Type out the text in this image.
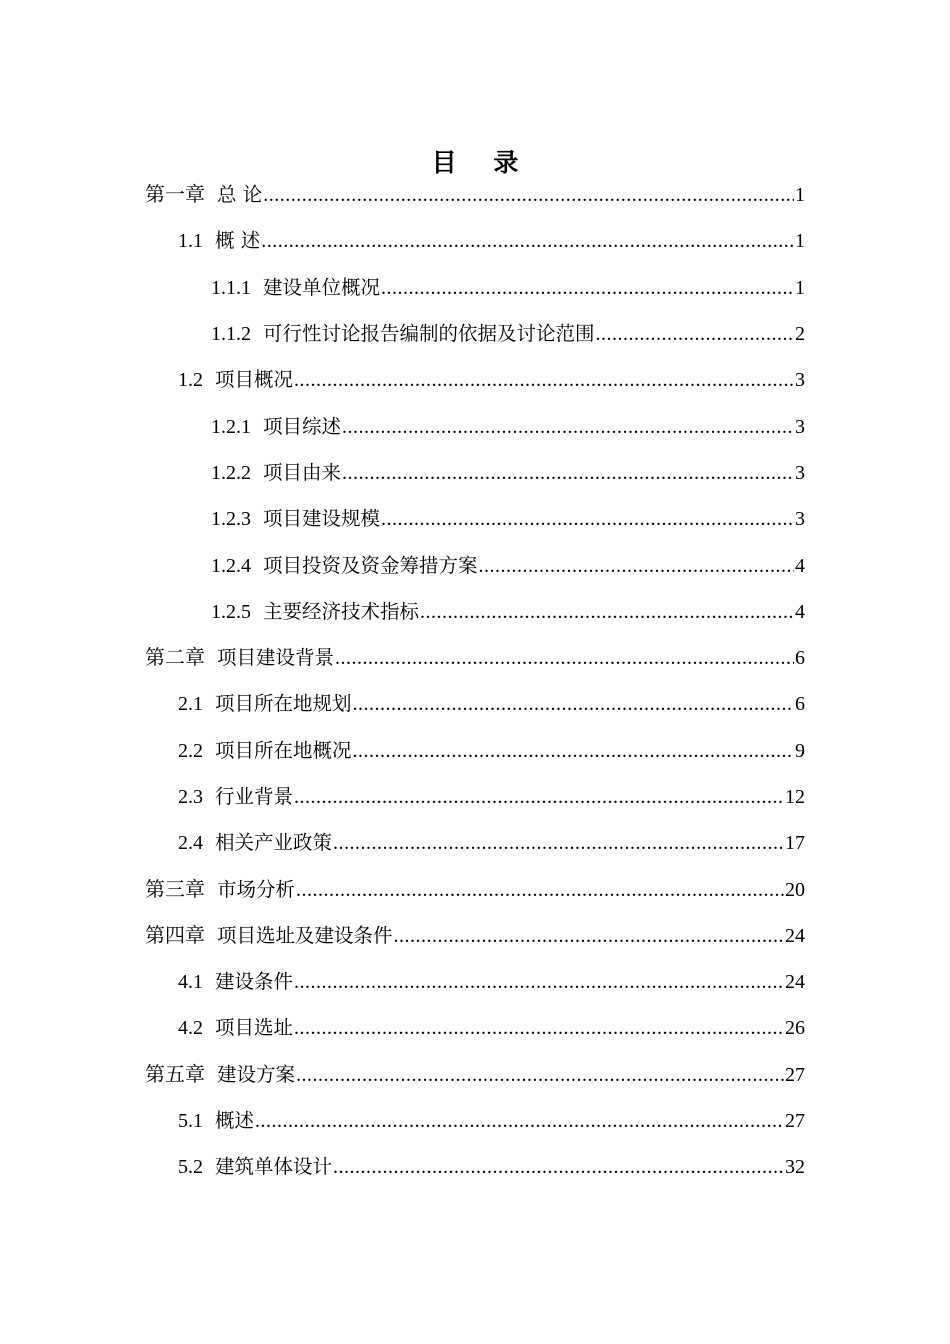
目 录
第一章 总 论 .....	1
1.1 概 述 .....	1
1.1.1 建设单位概况 .....	1
1.1.2 可行性讨论报告编制的依据及讨论范围 .....	2
1.2 项目概况 .....	3
1.2.1 项目综述 .....	3
1.2.2 项目由来 .....	3
1.2.3 项目建设规模 .....	3
1.2.4 项目投资及资金筹措方案 .....	4
1.2.5 主要经济技术指标 .....	4
第二章 项目建设背景 .....	6
2.1 项目所在地规划 .....	6
2.2 项目所在地概况 .....	9
2.3 行业背景 .....	12
2.4 相关产业政策 .....	17
第三章 市场分析 .....	20
第四章 项目选址及建设条件 .....	24
4.1 建设条件 .....	24
4.2 项目选址 .....	26
第五章 建设方案 .....	27
5.1 概述 .....	27
5.2 建筑单体设计 .....	32
